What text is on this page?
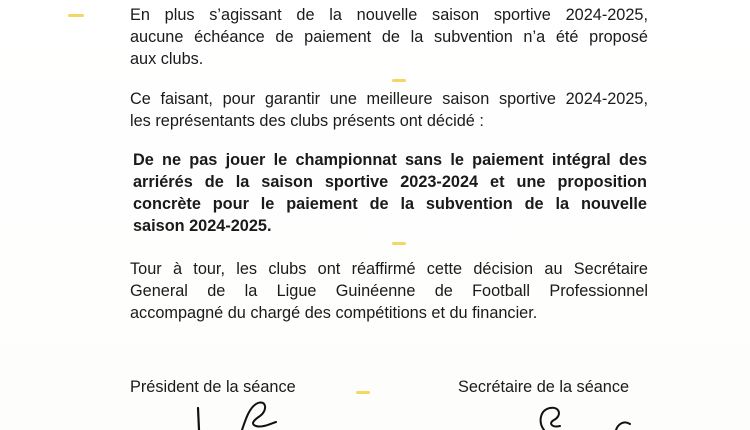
En plus s’agissant de la nouvelle saison sportive 2024-2025,
aucune échéance de paiement de la subvention n’a été proposé
aux clubs.
Ce faisant, pour garantir une meilleure saison sportive 2024-2025,
les représentants des clubs présents ont décidé :
De ne pas jouer le championnat sans le paiement intégral des
arriérés de la saison sportive 2023-2024 et une proposition
concrète pour le paiement de la subvention de la nouvelle
saison 2024-2025.
Tour à tour, les clubs ont réaffirmé cette décision au Secrétaire
General de la Ligue Guinéenne de Football Professionnel
accompagné du chargé des compétitions et du financier.
Président de la séance	Secrétaire de la séance
